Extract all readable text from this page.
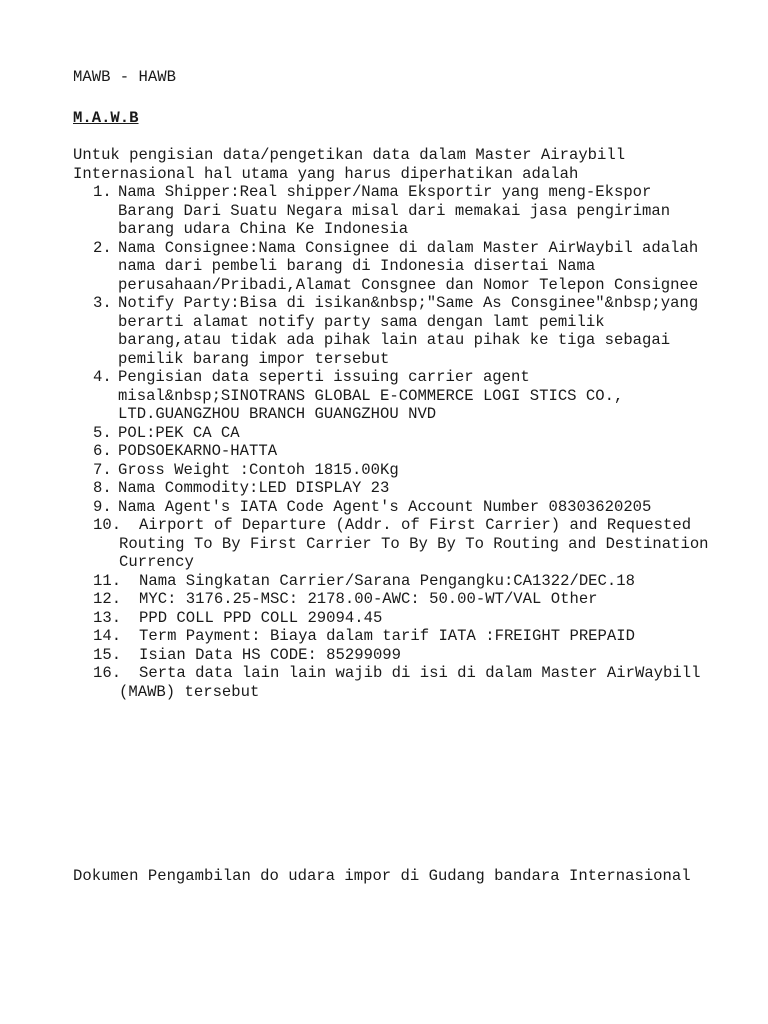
MAWB - HAWB
M.A.W.B
Untuk pengisian data/pengetikan data dalam Master Airaybill Internasional hal utama yang harus diperhatikan adalah
1. Nama Shipper:Real shipper/Nama Eksportir yang meng-Ekspor Barang Dari Suatu Negara misal dari memakai jasa pengiriman barang udara China Ke Indonesia
2. Nama Consignee:Nama Consignee di dalam Master AirWaybil adalah nama dari pembeli barang di Indonesia disertai Nama perusahaan/Pribadi,Alamat Consgnee dan Nomor Telepon Consignee
3. Notify Party:Bisa di isikan&nbsp;"Same As Consginee"&nbsp;yang berarti alamat notify party sama dengan lamt pemilik barang,atau tidak ada pihak lain atau pihak ke tiga sebagai pemilik barang impor tersebut
4. Pengisian data seperti issuing carrier agent misal&nbsp;SINOTRANS GLOBAL E-COMMERCE LOGI STICS CO., LTD.GUANGZHOU BRANCH GUANGZHOU NVD
5. POL:PEK CA CA
6. PODSOEKARNO-HATTA
7. Gross Weight :Contoh 1815.00Kg
8. Nama Commodity:LED DISPLAY 23
9. Nama Agent's IATA Code Agent's Account Number 08303620205
10. Airport of Departure (Addr. of First Carrier) and Requested Routing To By First Carrier To By By To Routing and Destination Currency
11. Nama Singkatan Carrier/Sarana Pengangku:CA1322/DEC.18
12. MYC: 3176.25-MSC: 2178.00-AWC: 50.00-WT/VAL Other
13. PPD COLL PPD COLL 29094.45
14. Term Payment: Biaya dalam tarif IATA :FREIGHT PREPAID
15. Isian Data HS CODE: 85299099
16. Serta data lain lain wajib di isi di dalam Master AirWaybill (MAWB) tersebut
Dokumen Pengambilan do udara impor di Gudang bandara Internasional
